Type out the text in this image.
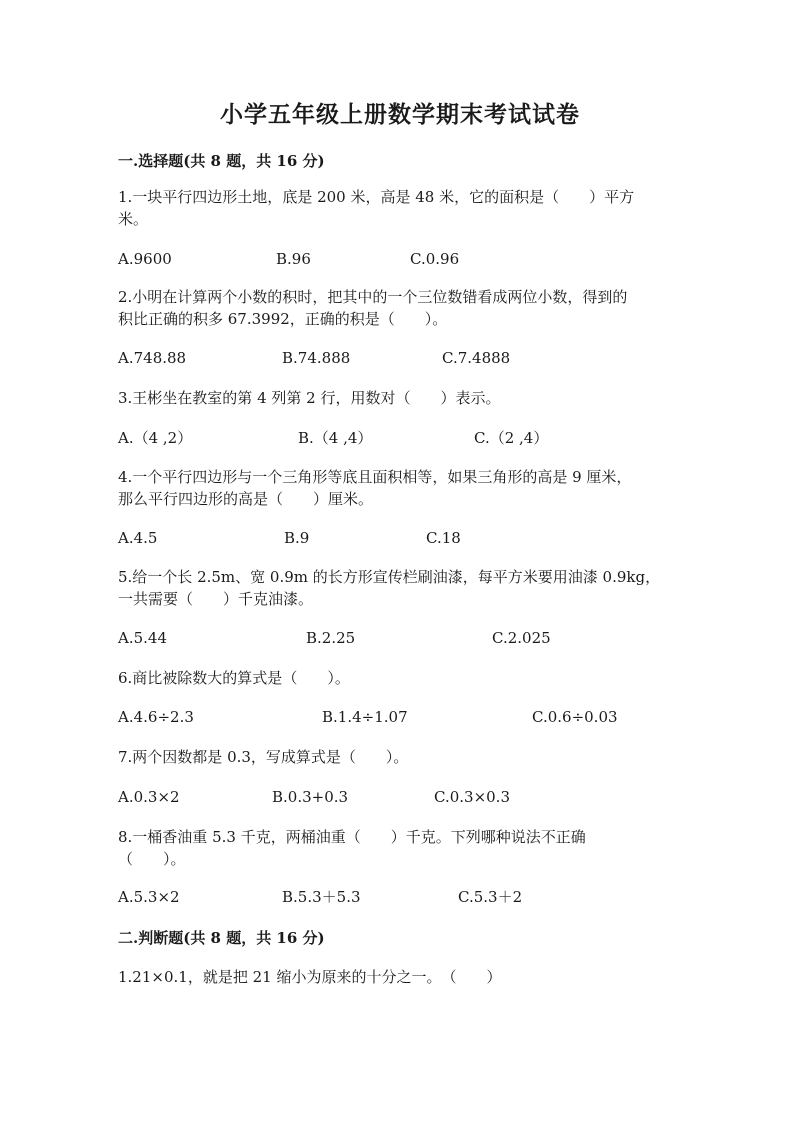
小学五年级上册数学期末考试试卷
一.选择题(共 8 题，共 16 分)
1.一块平行四边形土地，底是 200 米，高是 48 米，它的面积是（　　）平方
米。
A.9600	B.96	C.0.96
2.小明在计算两个小数的积时，把其中的一个三位数错看成两位小数，得到的
积比正确的积多 67.3992，正确的积是（　　）。
A.748.88	B.74.888	C.7.4888
3.王彬坐在教室的第 4 列第 2 行，用数对（　　）表示。
A.（4 ,2）	B.（4 ,4）	C.（2 ,4）
4.一个平行四边形与一个三角形等底且面积相等，如果三角形的高是 9 厘米，
那么平行四边形的高是（　　）厘米。
A.4.5	B.9	C.18
5.给一个长 2.5m、宽 0.9m 的长方形宣传栏刷油漆，每平方米要用油漆 0.9kg，
一共需要（　　）千克油漆。
A.5.44	B.2.25	C.2.025
6.商比被除数大的算式是（　　）。
A.4.6÷2.3	B.1.4÷1.07	C.0.6÷0.03
7.两个因数都是 0.3，写成算式是（　　）。
A.0.3×2	B.0.3+0.3	C.0.3×0.3
8.一桶香油重 5.3 千克，两桶油重（　　）千克。下列哪种说法不正确
（　　）。
A.5.3×2	B.5.3＋5.3	C.5.3＋2
二.判断题(共 8 题，共 16 分)
1.21×0.1，就是把 21 缩小为原来的十分之一。　（　　）
